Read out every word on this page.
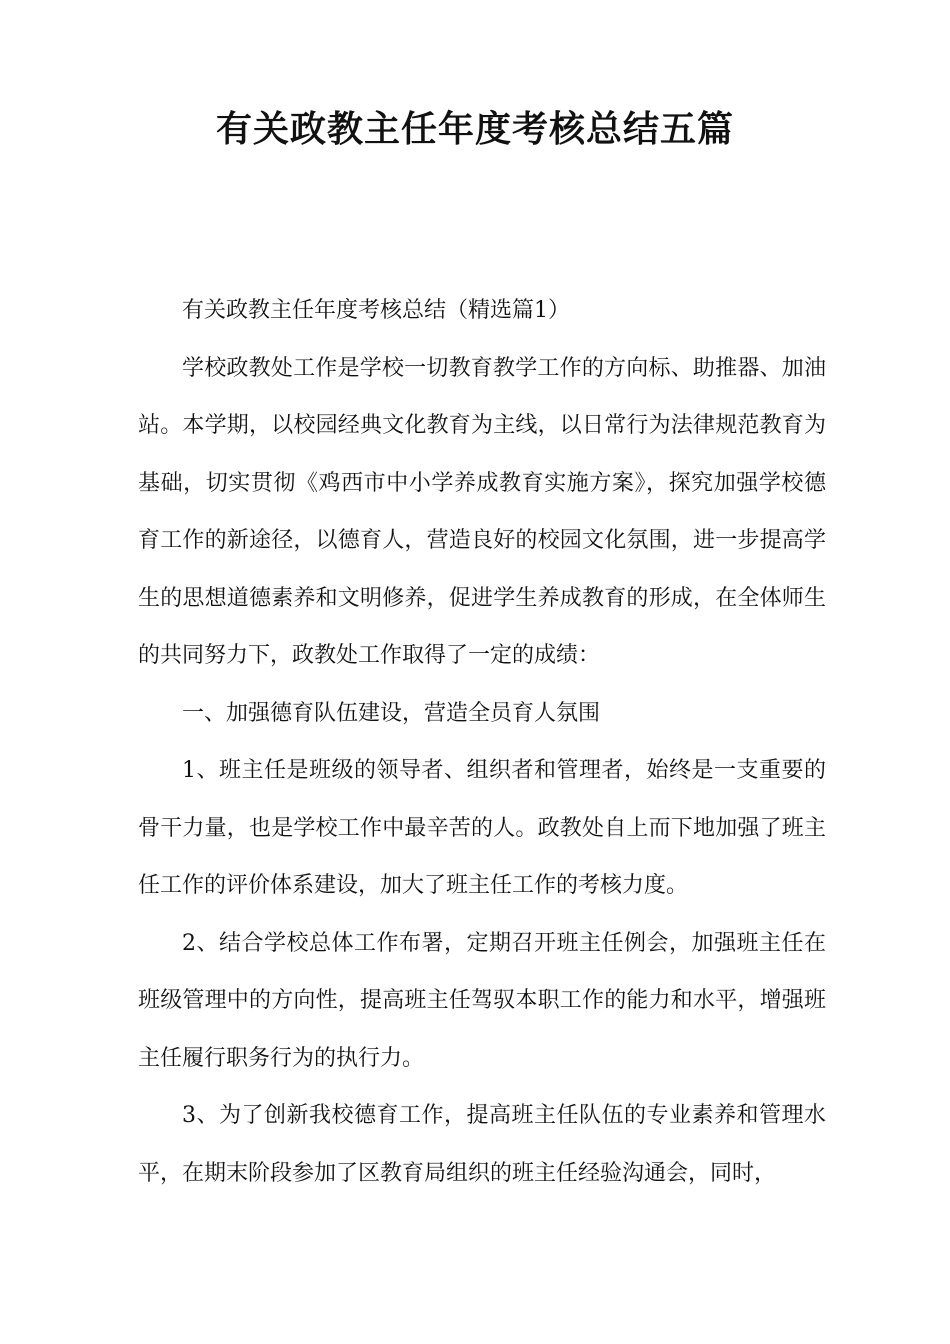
有关政教主任年度考核总结五篇

有关政教主任年度考核总结（精选篇1）

学校政教处工作是学校一切教育教学工作的方向标、助推器、加油站。本学期，以校园经典文化教育为主线，以日常行为法律规范教育为基础，切实贯彻《鸡西市中小学养成教育实施方案》，探究加强学校德育工作的新途径，以德育人，营造良好的校园文化氛围，进一步提高学生的思想道德素养和文明修养，促进学生养成教育的形成，在全体师生的共同努力下，政教处工作取得了一定的成绩：

一、加强德育队伍建设，营造全员育人氛围

1、班主任是班级的领导者、组织者和管理者，始终是一支重要的骨干力量，也是学校工作中最辛苦的人。政教处自上而下地加强了班主任工作的评价体系建设，加大了班主任工作的考核力度。

2、结合学校总体工作布署，定期召开班主任例会，加强班主任在班级管理中的方向性，提高班主任驾驭本职工作的能力和水平，增强班主任履行职务行为的执行力。

3、为了创新我校德育工作，提高班主任队伍的专业素养和管理水平，在期末阶段参加了区教育局组织的班主任经验沟通会，同时，
